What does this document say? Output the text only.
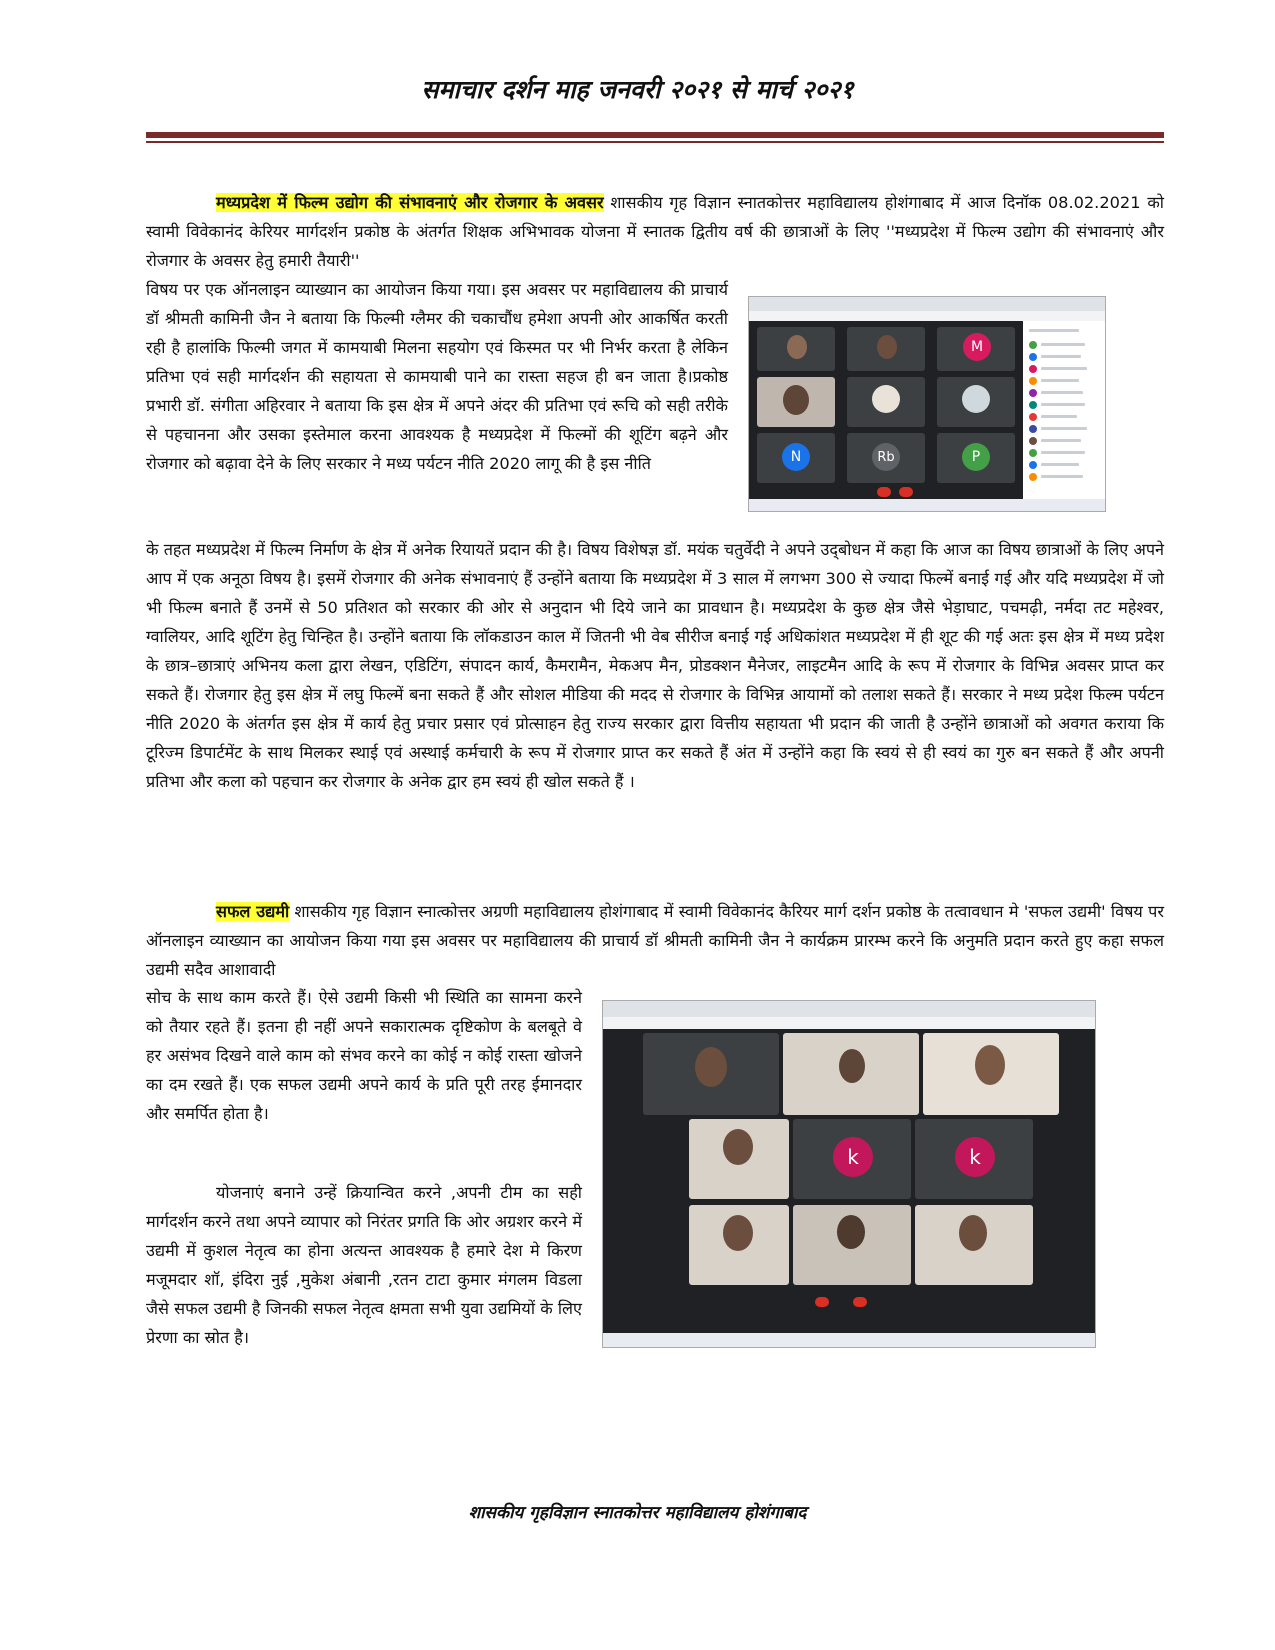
समाचार दर्शन माह जनवरी २०२१ से मार्च २०२१

मध्यप्रदेश में फिल्म उद्योग की संभावनाएं और रोजगार के अवसर शासकीय गृह विज्ञान स्नातकोत्तर महाविद्यालय होशंगाबाद में आज दिनॉक 08.02.2021 को स्वामी विवेकानंद केरियर मार्गदर्शन प्रकोष्ठ के अंतर्गत शिक्षक अभिभावक योजना में स्नातक द्वितीय वर्ष की छात्राओं के लिए ''मध्यप्रदेश में फिल्म उद्योग की संभावनाएं और रोजगार के अवसर हेतु हमारी तैयारी''

विषय पर एक ऑनलाइन व्याख्यान का आयोजन किया गया। इस अवसर पर महाविद्यालय की प्राचार्य डॉ श्रीमती कामिनी जैन ने बताया कि फिल्मी ग्लैमर की चकाचौंध हमेशा अपनी ओर आकर्षित करती रही है हालांकि फिल्मी जगत में कामयाबी मिलना सहयोग एवं किस्मत पर भी निर्भर करता है लेकिन प्रतिभा एवं सही मार्गदर्शन की सहायता से कामयाबी पाने का रास्ता सहज ही बन जाता है।प्रकोष्ठ प्रभारी डॉ. संगीता अहिरवार ने बताया कि इस क्षेत्र में अपने अंदर की प्रतिभा एवं रूचि को सही तरीके से पहचानना और उसका इस्तेमाल करना आवश्यक है मध्यप्रदेश में फिल्मों की शूटिंग बढ़ने और रोजगार को बढ़ावा देने के लिए सरकार ने मध्य पर्यटन नीति 2020 लागू की है इस नीति

M
N	Rb	P

के तहत मध्यप्रदेश में फिल्म निर्माण के क्षेत्र में अनेक रियायतें प्रदान की है। विषय विशेषज्ञ डॉ. मयंक चतुर्वेदी ने अपने उद्‌बोधन में कहा कि आज का विषय छात्राओं के लिए अपने आप में एक अनूठा विषय है। इसमें रोजगार की अनेक संभावनाएं हैं उन्होंने बताया कि मध्यप्रदेश में 3 साल में लगभग 300 से ज्यादा फिल्में बनाई गई और यदि मध्यप्रदेश में जो भी फिल्म बनाते हैं उनमें से 50 प्रतिशत को सरकार की ओर से अनुदान भी दिये जाने का प्रावधान है। मध्यप्रदेश के कुछ क्षेत्र जैसे भेड़ाघाट, पचमढ़ी, नर्मदा तट महेश्वर, ग्वालियर, आदि शूटिंग हेतु चिन्हित है। उन्होंने बताया कि लॉकडाउन काल में जितनी भी वेब सीरीज बनाई गई अधिकांशत मध्यप्रदेश में ही शूट की गई अतः इस क्षेत्र में मध्य प्रदेश के छात्र–छात्राएं अभिनय कला द्वारा लेखन, एडिटिंग, संपादन कार्य, कैमरामैन, मेकअप मैन, प्रोडक्शन मैनेजर, लाइटमैन आदि के रूप में रोजगार के विभिन्न अवसर प्राप्त कर सकते हैं। रोजगार हेतु इस क्षेत्र में लघु फिल्में बना सकते हैं और सोशल मीडिया की मदद से रोजगार के विभिन्न आयामों को तलाश सकते हैं। सरकार ने मध्य प्रदेश फिल्म पर्यटन नीति 2020 के अंतर्गत इस क्षेत्र में कार्य हेतु प्रचार प्रसार एवं प्रोत्साहन हेतु राज्य सरकार द्वारा वित्तीय सहायता भी प्रदान की जाती है उन्होंने छात्राओं को अवगत कराया कि टूरिज्म डिपार्टमेंट के साथ मिलकर स्थाई एवं अस्थाई कर्मचारी के रूप में रोजगार प्राप्त कर सकते हैं अंत में उन्होंने कहा कि स्वयं से ही स्वयं का गुरु बन सकते हैं और अपनी प्रतिभा और कला को पहचान कर रोजगार के अनेक द्वार हम स्वयं ही खोल सकते हैं ।

सफल उद्यमी शासकीय गृह विज्ञान स्नात्कोत्तर अग्रणी महाविद्यालय होशंगाबाद में स्वामी विवेकानंद कैरियर मार्ग दर्शन प्रकोष्ठ के तत्वावधान मे 'सफल उद्यमी' विषय पर ऑनलाइन व्याख्यान का आयोजन किया गया इस अवसर पर महाविद्यालय की प्राचार्य डॉ श्रीमती कामिनी जैन ने कार्यक्रम प्रारम्भ करने कि अनुमति प्रदान करते हुए कहा सफल उद्यमी सदैव आशावादी

सोच के साथ काम करते हैं। ऐसे उद्यमी किसी भी स्थिति का सामना करने को तैयार रहते हैं। इतना ही नहीं अपने सकारात्मक दृष्टिकोण के बलबूते वे हर असंभव दिखने वाले काम को संभव करने का कोई न कोई रास्ता खोजने का दम रखते हैं। एक सफल उद्यमी अपने कार्य के प्रति पूरी तरह ईमानदार और समर्पित होता है।

योजनाएं बनाने उन्हें क्रियान्वित करने ,अपनी टीम का सही मार्गदर्शन करने तथा अपने व्यापार को निरंतर प्रगति कि ओर अग्रशर करने में उद्यमी में कुशल नेतृत्व का होना अत्यन्त आवश्यक है हमारे देश मे किरण मजूमदार शॉ, इंदिरा नुई ,मुकेश अंबानी ,रतन टाटा कुमार मंगलम विडला जैसे सफल उद्यमी है जिनकी सफल नेतृत्व क्षमता सभी युवा उद्यमियों के लिए प्रेरणा का स्रोत है।

k	k
शासकीय गृहविज्ञान स्नातकोत्तर महाविद्यालय होशंगाबाद
